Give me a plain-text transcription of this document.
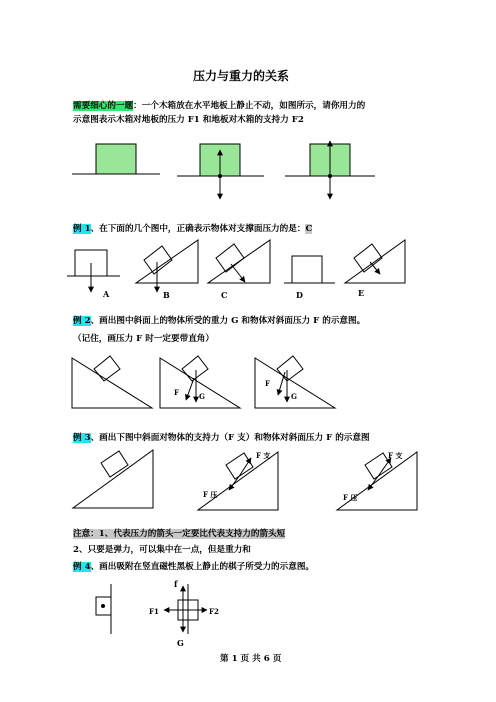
压力与重力的关系
需要细心的一题：一个木箱放在水平地板上静止不动，如图所示，请你用力的
示意图表示木箱对地板的压力 F1 和地板对木箱的支持力 F2
例 1、在下面的几个图中，正确表示物体对支撑面压力的是：C
例 2、画出图中斜面上的物体所受的重力 G 和物体对斜面压力 F 的示意图。
（记住，画压力 F 时一定要带直角）
例 3、画出下图中斜面对物体的支持力（F 支）和物体对斜面压力 F 的示意图
注意：1、代表压力的箭头一定要比代表支持力的箭头短
2、只要是弹力，可以集中在一点，但是重力和
例 4、画出吸附在竖直磁性黑板上静止的棋子所受力的示意图。
第 1 页 共 6 页
A	B	C	D	E
F	G
F
G
F 支
F 压
F 支
F 压
f
F1	F2
G
